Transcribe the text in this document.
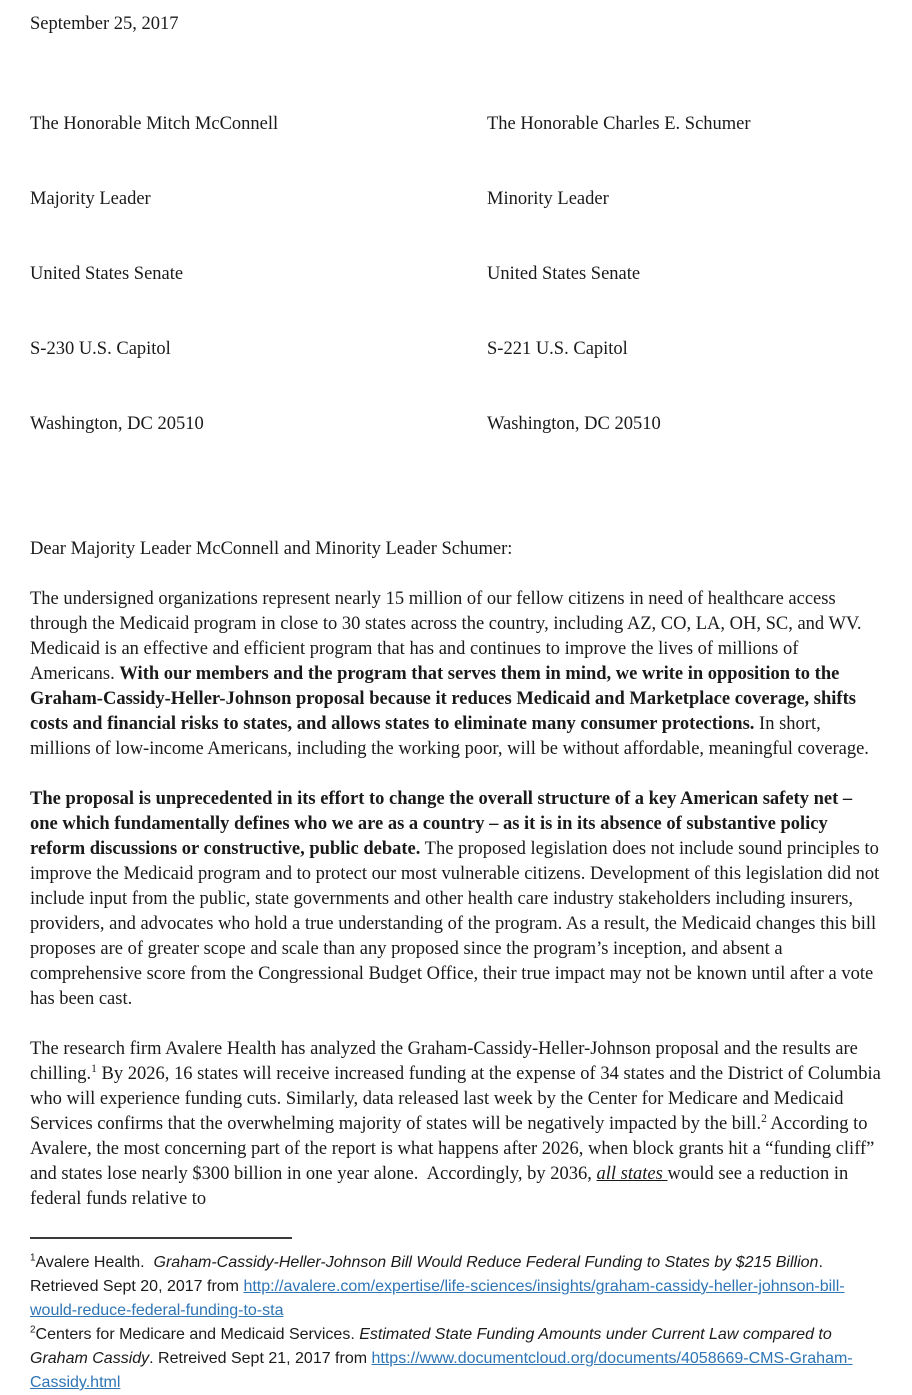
September 25, 2017

The Honorable Mitch McConnell

Majority Leader

United States Senate

S-230 U.S. Capitol

Washington, DC 20510

The Honorable Charles E. Schumer

Minority Leader

United States Senate

S-221 U.S. Capitol

Washington, DC 20510

Dear Majority Leader McConnell and Minority Leader Schumer:
The undersigned organizations represent nearly 15 million of our fellow citizens in need of healthcare access through the Medicaid program in close to 30 states across the country, including AZ, CO, LA, OH, SC, and WV. Medicaid is an effective and efficient program that has and continues to improve the lives of millions of Americans. With our members and the program that serves them in mind, we write in opposition to the Graham-Cassidy-Heller-Johnson proposal because it reduces Medicaid and Marketplace coverage, shifts costs and financial risks to states, and allows states to eliminate many consumer protections. In short, millions of low-income Americans, including the working poor, will be without affordable, meaningful coverage.
The proposal is unprecedented in its effort to change the overall structure of a key American safety net – one which fundamentally defines who we are as a country – as it is in its absence of substantive policy reform discussions or constructive, public debate. The proposed legislation does not include sound principles to improve the Medicaid program and to protect our most vulnerable citizens. Development of this legislation did not include input from the public, state governments and other health care industry stakeholders including insurers, providers, and advocates who hold a true understanding of the program. As a result, the Medicaid changes this bill proposes are of greater scope and scale than any proposed since the program’s inception, and absent a comprehensive score from the Congressional Budget Office, their true impact may not be known until after a vote has been cast.
The research firm Avalere Health has analyzed the Graham-Cassidy-Heller-Johnson proposal and the results are chilling.$^1$ By 2026, 16 states will receive increased funding at the expense of 34 states and the District of Columbia who will experience funding cuts. Similarly, data released last week by the Center for Medicare and Medicaid Services confirms that the overwhelming majority of states will be negatively impacted by the bill.$^2$ According to Avalere, the most concerning part of the report is what happens after 2026, when block grants hit a “funding cliff” and states lose nearly $300 billion in one year alone.  Accordingly, by 2036, all states would see a reduction in federal funds relative to
$^1$Avalere Health.  Graham-Cassidy-Heller-Johnson Bill Would Reduce Federal Funding to States by $215 Billion. Retrieved Sept 20, 2017 from http://avalere.com/expertise/life-sciences/insights/graham-cassidy-heller-johnson-bill-would-reduce-federal-funding-to-sta
$^2$Centers for Medicare and Medicaid Services. Estimated State Funding Amounts under Current Law compared to Graham Cassidy. Retreived Sept 21, 2017 from https://www.documentcloud.org/documents/4058669-CMS-Graham-Cassidy.html
